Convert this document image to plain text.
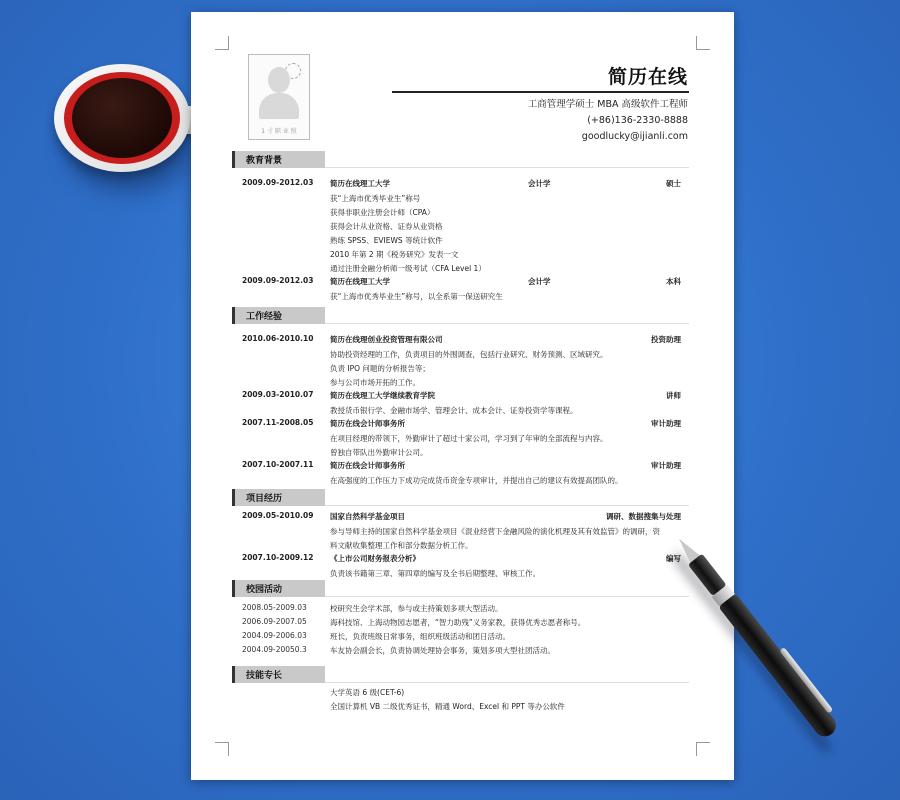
1 寸 职 业 照
简历在线
工商管理学硕士 MBA 高级软件工程师
(+86)136-2330-8888
goodlucky@ijianli.com
教育背景
2009.09-2012.03 简历在线理工大学	会计学	硕士
获“上海市优秀毕业生”称号
获得非职业注册会计师（CPA）
获得会计从业资格、证券从业资格
熟练 SPSS、EVIEWS 等统计软件
2010 年第 2 期《税务研究》发表一文
通过注册金融分析师一级考试（CFA Level 1）
2009.09-2012.03 简历在线理工大学	会计学	本科
获“上海市优秀毕业生”称号，以全系第一保送研究生
工作经验
2010.06-2010.10 简历在线理创业投资管理有限公司	投资助理
协助投资经理的工作，负责项目的外围调查，包括行业研究、财务预测、区域研究。
负责 IPO 问题的分析报告等；
参与公司市场开拓的工作。
2009.03-2010.07 简历在线理工大学继续教育学院	讲师
教授货币银行学、金融市场学、管理会计、成本会计、证券投资学等课程。
2007.11-2008.05 简历在线会计师事务所	审计助理
在项目经理的带领下，外勤审计了超过十家公司，学习到了年审的全部流程与内容。
曾独自带队出外勤审计公司。
2007.10-2007.11 简历在线会计师事务所	审计助理
在高强度的工作压力下成功完成货币资金专项审计，并提出自己的建议有效提高团队的。
项目经历
2009.05-2010.09 国家自然科学基金项目	调研、数据搜集与处理
参与导师主持的国家自然科学基金项目《混业经营下金融风险的演化机理及其有效监管》的调研，资
料文献收集整理工作和部分数据分析工作。
2007.10-2009.12 《上市公司财务报表分析》	编写
负责该书籍第三章、第四章的编写及全书后期整理、审核工作。
校园活动
2008.05-2009.03	校研究生会学术部，参与或主持策划多项大型活动。
2006.09-2007.05	海科技馆、上海动物园志愿者，“智力助残”义务家教，获得优秀志愿者称号。
2004.09-2006.03	班长，负责班级日常事务，组织班级活动和团日活动。
2004.09-20050.3	车友协会副会长，负责协调处理协会事务，策划多项大型社团活动。
技能专长
大学英语 6 级(CET-6)
全国计算机 VB 二级优秀证书，精通 Word、Excel 和 PPT 等办公软件
